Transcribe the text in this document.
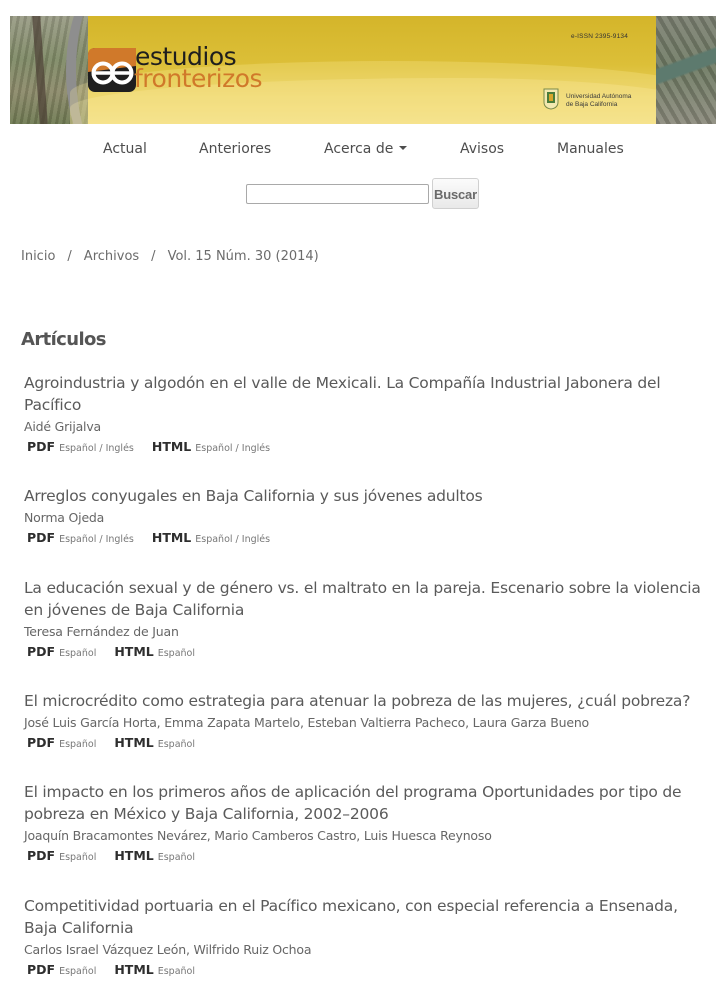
estudios
fronterizos
e-ISSN 2395-9134
Universidad Autónoma
de Baja California
Actual	Anteriores	Acerca de	Avisos	Manuales
Buscar
Inicio / Archivos / Vol. 15 Núm. 30 (2014)
Artículos
Agroindustria y algodón en el valle de Mexicali. La Compañía Industrial Jabonera del Pacífico
Aidé Grijalva
PDF Español / Inglés HTML Español / Inglés
Arreglos conyugales en Baja California y sus jóvenes adultos
Norma Ojeda
PDF Español / Inglés HTML Español / Inglés
La educación sexual y de género vs. el maltrato en la pareja. Escenario sobre la violencia en jóvenes de Baja California
Teresa Fernández de Juan
PDF Español HTML Español
El microcrédito como estrategia para atenuar la pobreza de las mujeres, ¿cuál pobreza?
José Luis García Horta, Emma Zapata Martelo, Esteban Valtierra Pacheco, Laura Garza Bueno
PDF Español HTML Español
El impacto en los primeros años de aplicación del programa Oportunidades por tipo de pobreza en México y Baja California, 2002–2006
Joaquín Bracamontes Nevárez, Mario Camberos Castro, Luis Huesca Reynoso
PDF Español HTML Español
Competitividad portuaria en el Pacífico mexicano, con especial referencia a Ensenada, Baja California
Carlos Israel Vázquez León, Wilfrido Ruiz Ochoa
PDF Español HTML Español
